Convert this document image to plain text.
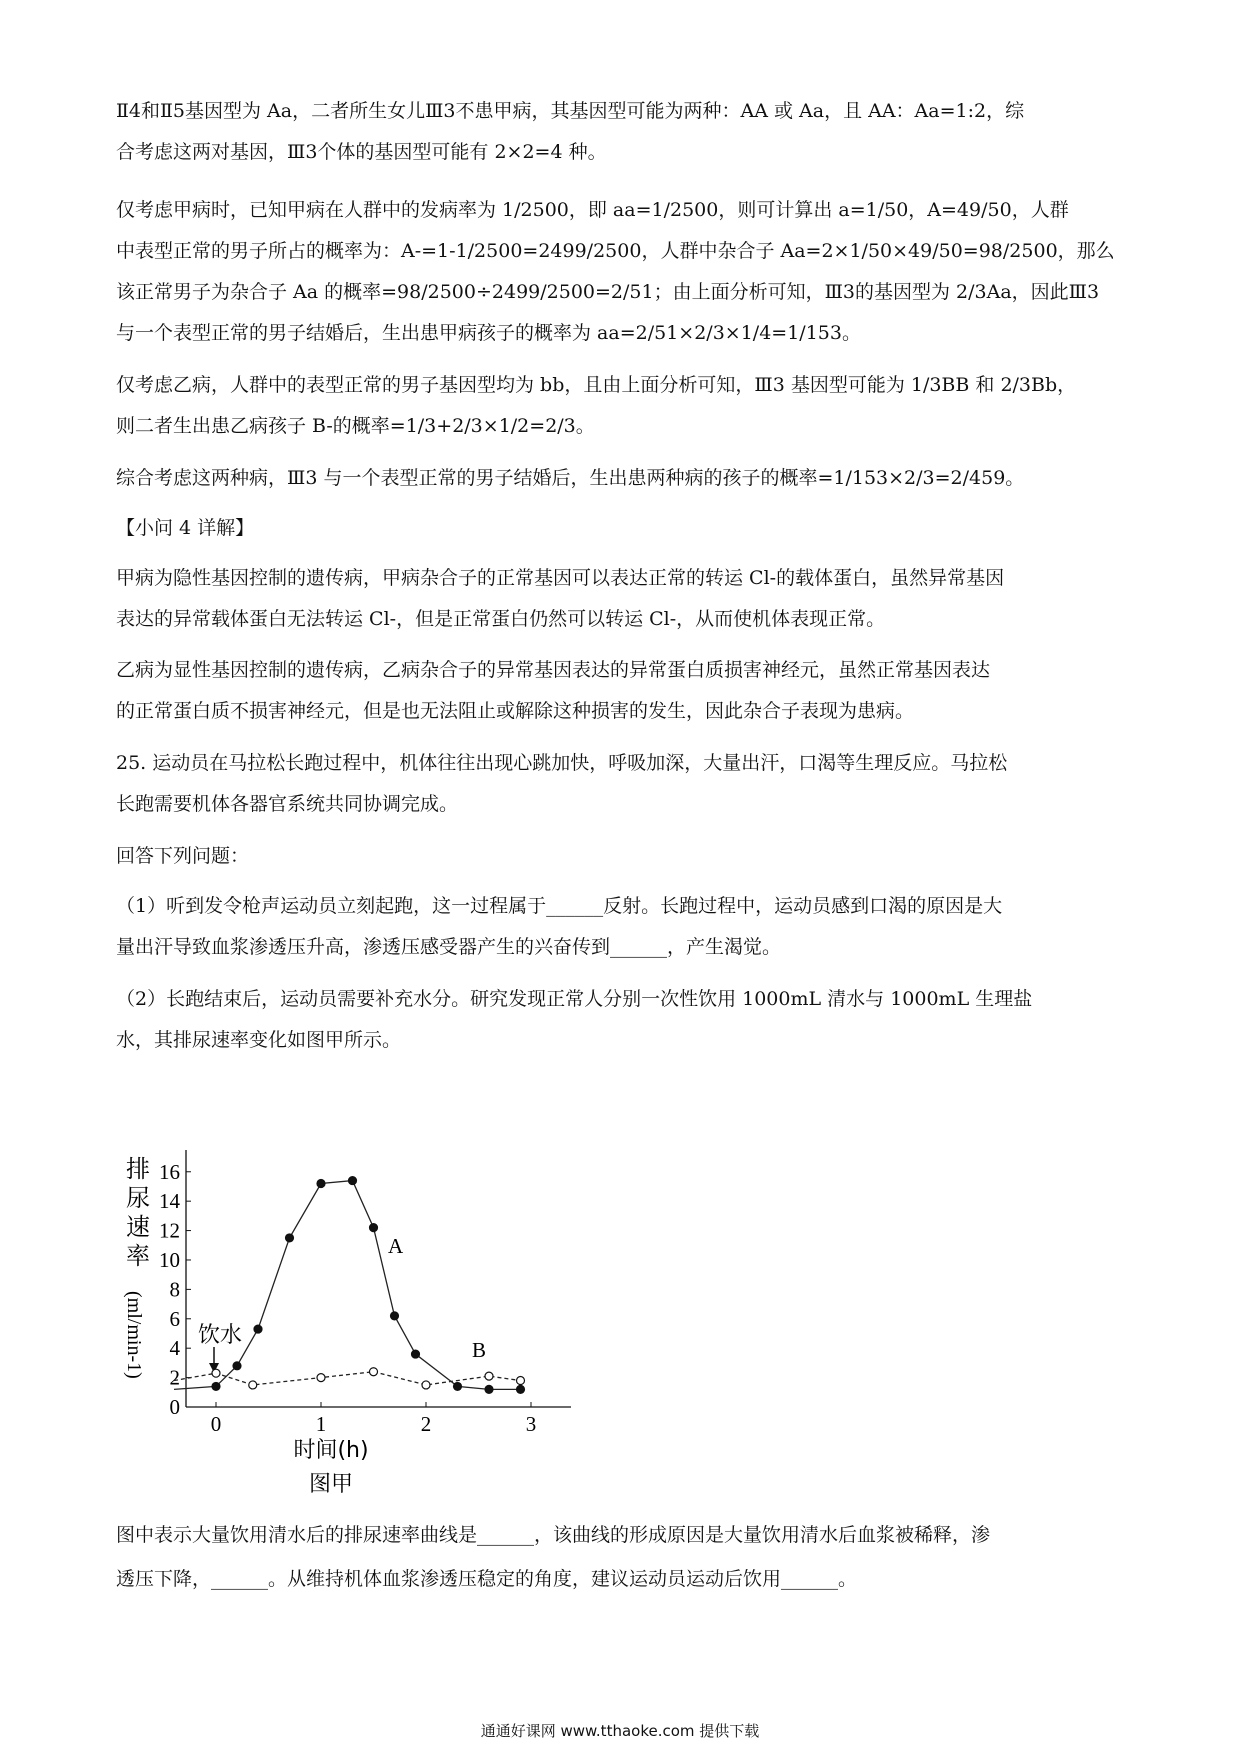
Ⅱ4和Ⅱ5基因型为 Aa，二者所生女儿Ⅲ3不患甲病，其基因型可能为两种：AA 或 Aa，且 AA：Aa=1:2，综
合考虑这两对基因，Ⅲ3个体的基因型可能有 2×2=4 种。
仅考虑甲病时，已知甲病在人群中的发病率为 1/2500，即 aa=1/2500，则可计算出 a=1/50，A=49/50，人群
中表型正常的男子所占的概率为：A-=1-1/2500=2499/2500，人群中杂合子 Aa=2×1/50×49/50=98/2500，那么
该正常男子为杂合子 Aa 的概率=98/2500÷2499/2500=2/51；由上面分析可知，Ⅲ3的基因型为 2/3Aa，因此Ⅲ3
与一个表型正常的男子结婚后，生出患甲病孩子的概率为 aa=2/51×2/3×1/4=1/153。
仅考虑乙病，人群中的表型正常的男子基因型均为 bb，且由上面分析可知，Ⅲ3 基因型可能为 1/3BB 和 2/3Bb，
则二者生出患乙病孩子 B-的概率=1/3+2/3×1/2=2/3。
综合考虑这两种病，Ⅲ3 与一个表型正常的男子结婚后，生出患两种病的孩子的概率=1/153×2/3=2/459。
【小问 4 详解】
甲病为隐性基因控制的遗传病，甲病杂合子的正常基因可以表达正常的转运 Cl-的载体蛋白，虽然异常基因
表达的异常载体蛋白无法转运 Cl-，但是正常蛋白仍然可以转运 Cl-，从而使机体表现正常。
乙病为显性基因控制的遗传病，乙病杂合子的异常基因表达的异常蛋白质损害神经元，虽然正常基因表达
的正常蛋白质不损害神经元，但是也无法阻止或解除这种损害的发生，因此杂合子表现为患病。
25. 运动员在马拉松长跑过程中，机体往往出现心跳加快，呼吸加深，大量出汗，口渴等生理反应。马拉松
长跑需要机体各器官系统共同协调完成。
回答下列问题：
（1）听到发令枪声运动员立刻起跑，这一过程属于______反射。长跑过程中，运动员感到口渴的原因是大
量出汗导致血浆渗透压升高，渗透压感受器产生的兴奋传到______，产生渴觉。
（2）长跑结束后，运动员需要补充水分。研究发现正常人分别一次性饮用 1000mL 清水与 1000mL 生理盐
水，其排尿速率变化如图甲所示。
0
2
4
6
8
10
12
14
16
0	1	2	3
排
尿
速
率
(ml/min-1)
时间(h)
图甲
饮水
A
B
图中表示大量饮用清水后的排尿速率曲线是______，该曲线的形成原因是大量饮用清水后血浆被稀释，渗
透压下降，______。从维持机体血浆渗透压稳定的角度，建议运动员运动后饮用______。
通通好课网 www.tthaoke.com 提供下载
